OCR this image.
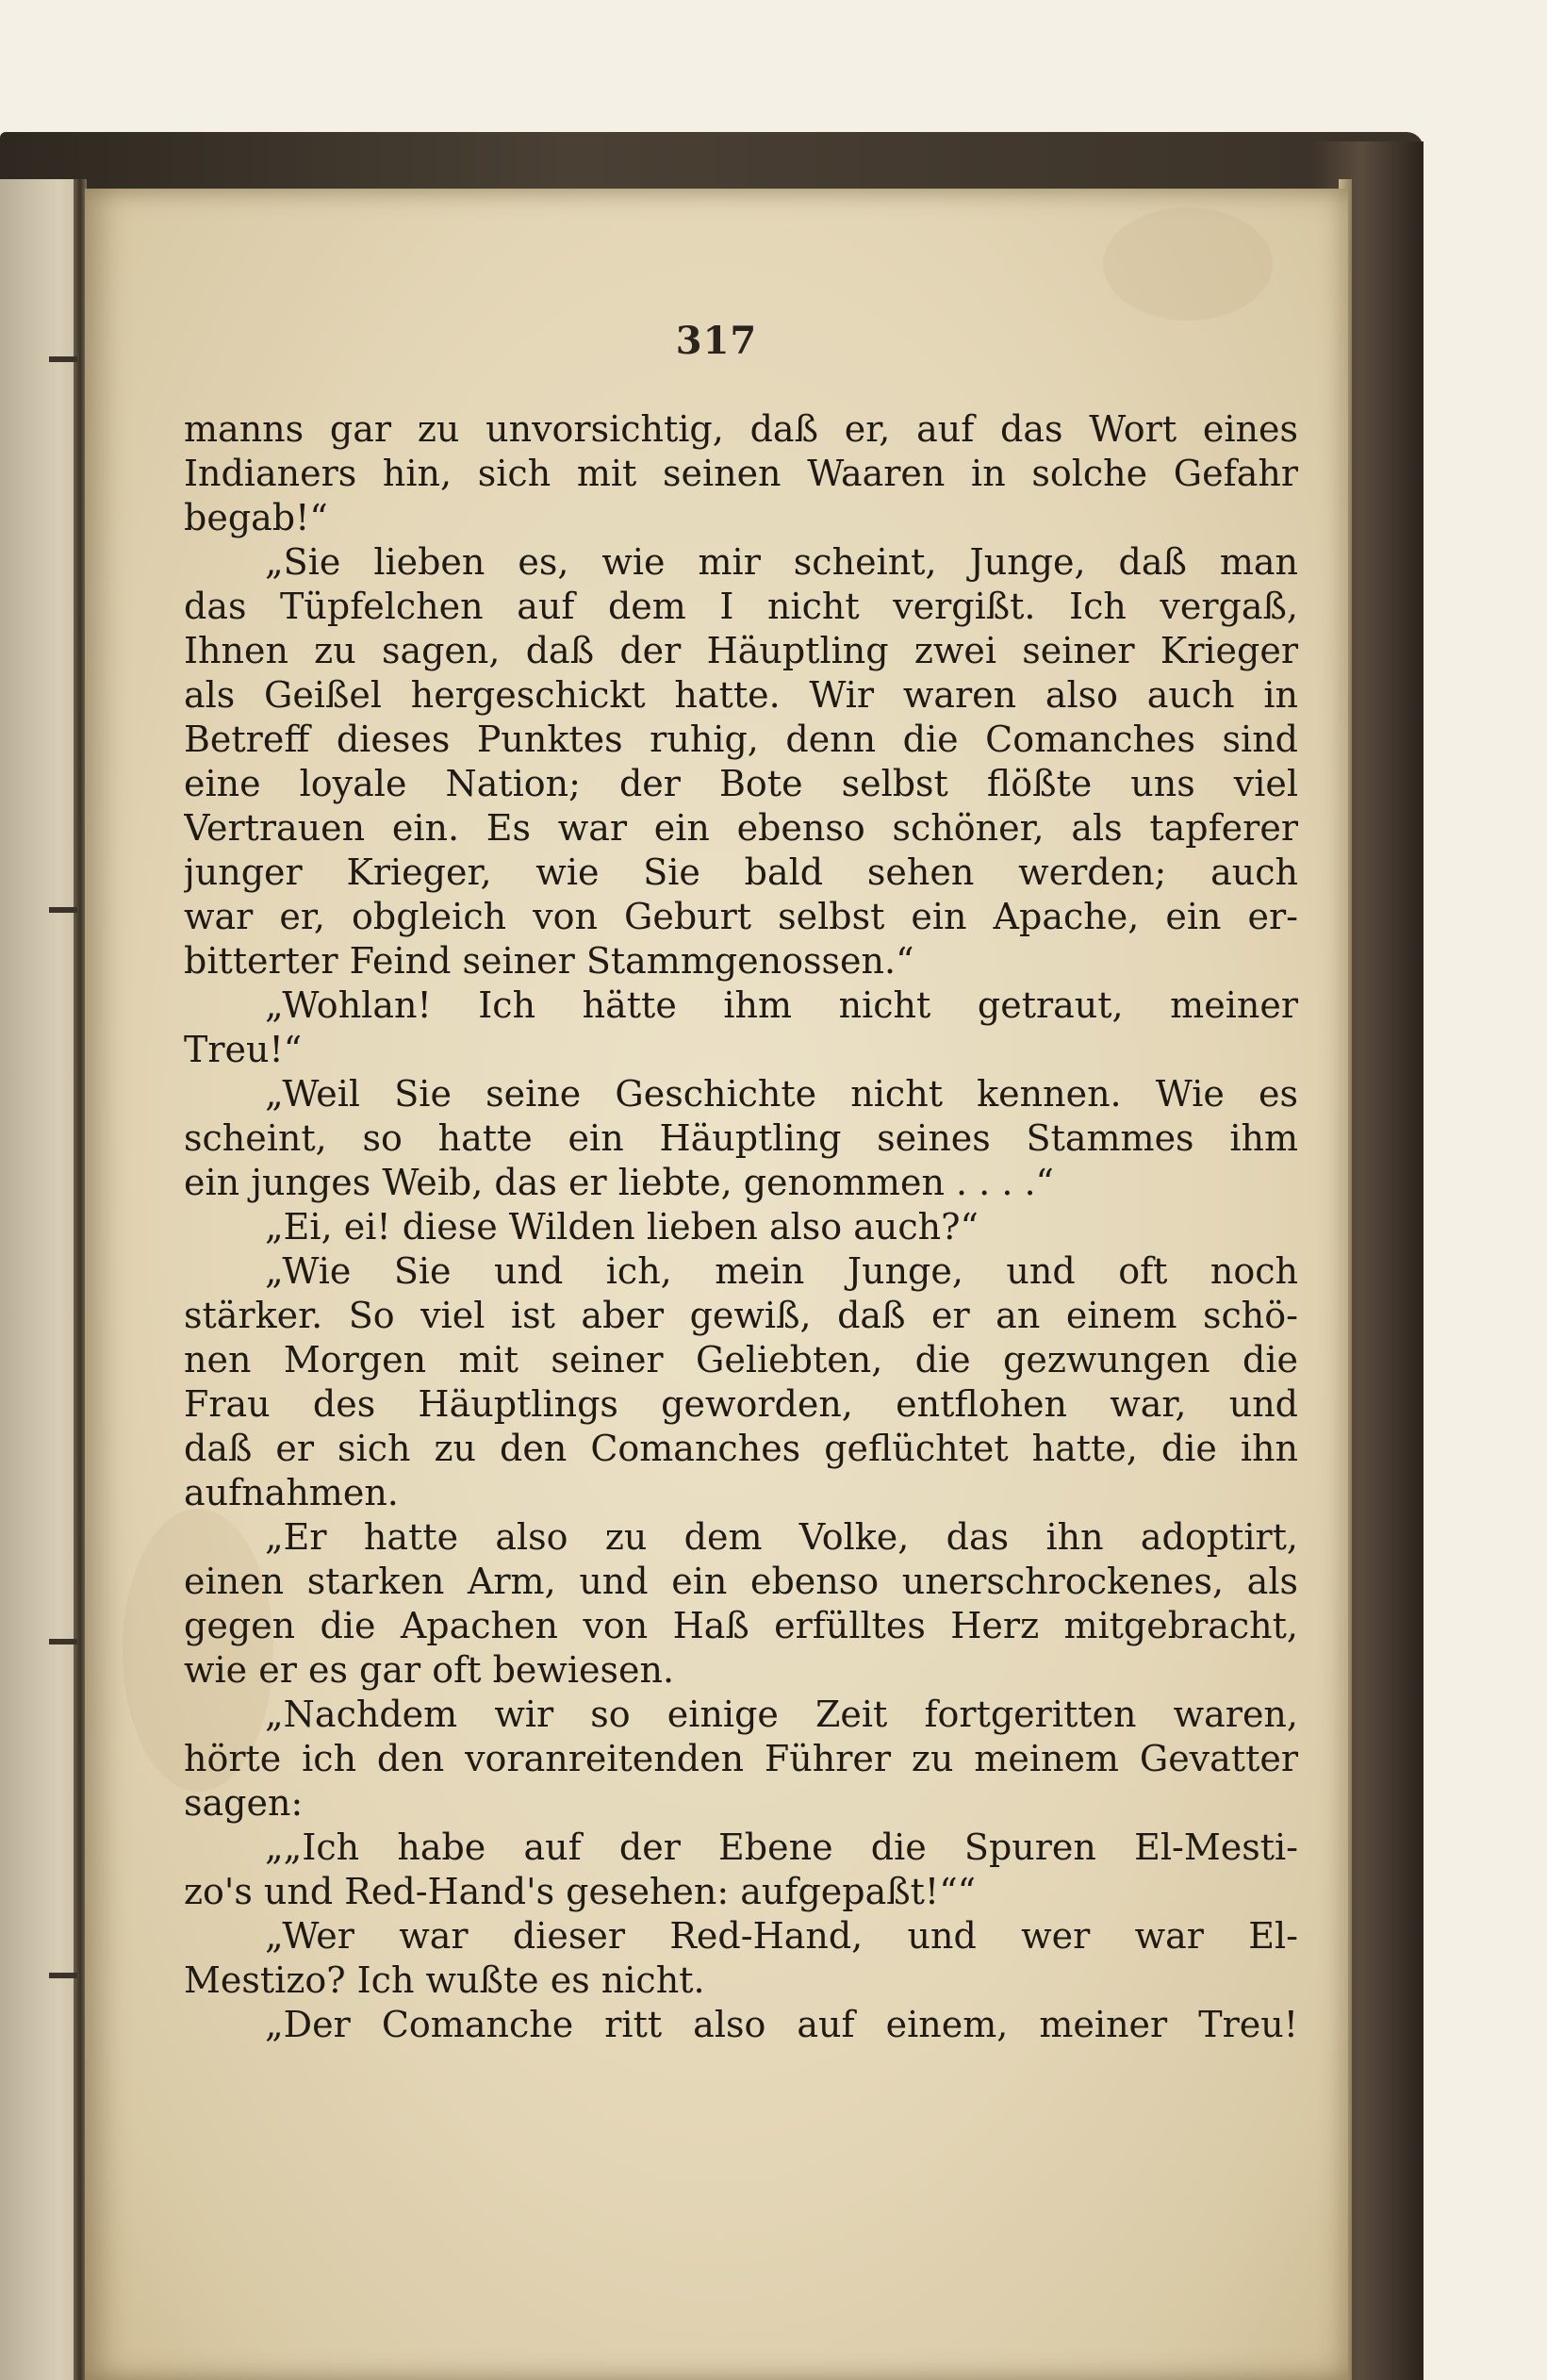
317
manns gar zu unvorsichtig, daß er, auf das Wort eines
Indianers hin, sich mit seinen Waaren in solche Gefahr
begab!“
„Sie lieben es, wie mir scheint, Junge, daß man
das Tüpfelchen auf dem I nicht vergißt. Ich vergaß,
Ihnen zu sagen, daß der Häuptling zwei seiner Krieger
als Geißel hergeschickt hatte. Wir waren also auch in
Betreff dieses Punktes ruhig, denn die Comanches sind
eine loyale Nation; der Bote selbst flößte uns viel
Vertrauen ein. Es war ein ebenso schöner, als tapferer
junger Krieger, wie Sie bald sehen werden; auch
war er, obgleich von Geburt selbst ein Apache, ein er-
bitterter Feind seiner Stammgenossen.“
„Wohlan! Ich hätte ihm nicht getraut, meiner
Treu!“
„Weil Sie seine Geschichte nicht kennen. Wie es
scheint, so hatte ein Häuptling seines Stammes ihm
ein junges Weib, das er liebte, genommen . . . .“
„Ei, ei! diese Wilden lieben also auch?“
„Wie Sie und ich, mein Junge, und oft noch
stärker. So viel ist aber gewiß, daß er an einem schö-
nen Morgen mit seiner Geliebten, die gezwungen die
Frau des Häuptlings geworden, entflohen war, und
daß er sich zu den Comanches geflüchtet hatte, die ihn
aufnahmen.
„Er hatte also zu dem Volke, das ihn adoptirt,
einen starken Arm, und ein ebenso unerschrockenes, als
gegen die Apachen von Haß erfülltes Herz mitgebracht,
wie er es gar oft bewiesen.
„Nachdem wir so einige Zeit fortgeritten waren,
hörte ich den voranreitenden Führer zu meinem Gevatter
sagen:
„„Ich habe auf der Ebene die Spuren El-Mesti-
zo's und Red-Hand's gesehen: aufgepaßt!““
„Wer war dieser Red-Hand, und wer war El-
Mestizo? Ich wußte es nicht.
„Der Comanche ritt also auf einem, meiner Treu!
